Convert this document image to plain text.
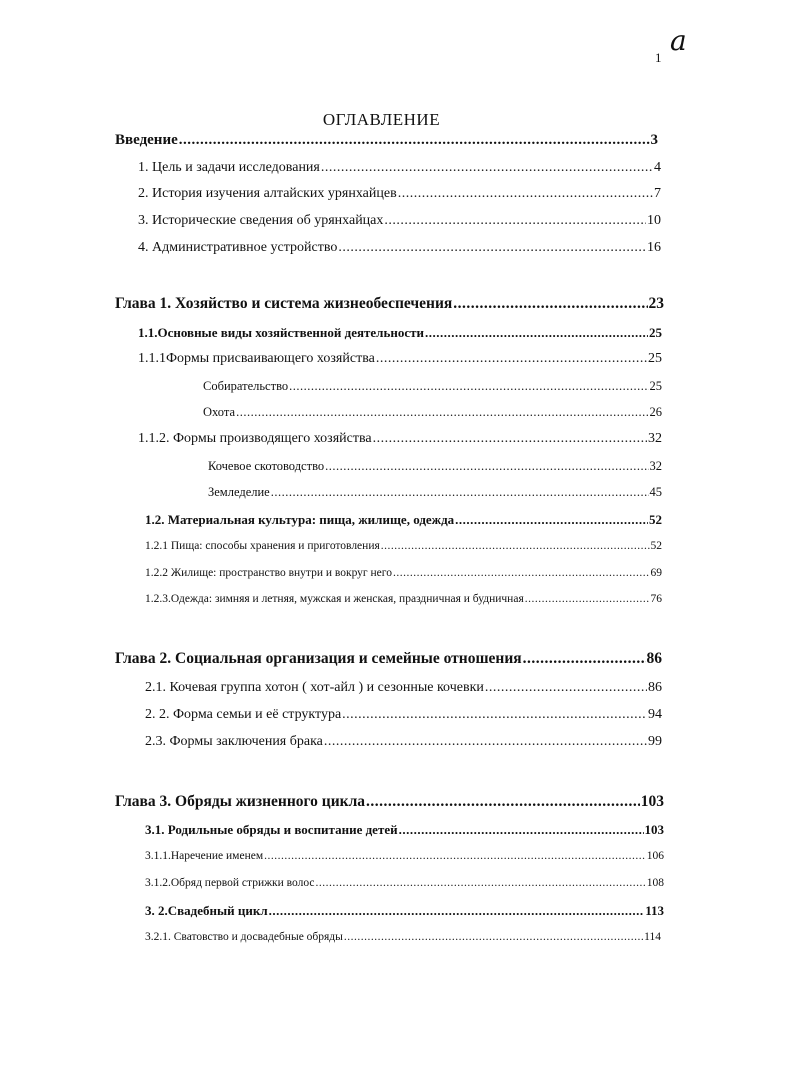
a
1
ОГЛАВЛЕНИЕ
Введение .....	3
1. Цель и задачи исследования .....	4
2. История изучения алтайских урянхайцев .....	7
3. Исторические сведения об урянхайцах .....	10
4. Административное устройство .....	16
Глава 1. Хозяйство и система жизнеобеспечения .....	23
1.1.Основные виды хозяйственной деятельности .....	25
1.1.1Формы присваивающего хозяйства .....	25
Собирательство .....	25
Охота .....	26
1.1.2. Формы производящего хозяйства .....	32
Кочевое скотоводство .....	32
Земледелие .....	45
1.2. Материальная культура: пища, жилище, одежда .....	52
1.2.1 Пища: способы хранения и приготовления .....	52
1.2.2 Жилище: пространство внутри и вокруг него .....	69
1.2.3.Одежда: зимняя и летняя, мужская и женская, праздничная и будничная .....	76
Глава 2. Социальная организация и семейные отношения .....	86
2.1. Кочевая группа хотон ( хот-айл ) и сезонные кочевки .....	86
2. 2. Форма семьи и её структура .....	94
2.3. Формы заключения брака .....	99
Глава 3. Обряды жизненного цикла .....	103
3.1. Родильные обряды и воспитание детей .....	103
3.1.1.Наречение именем .....	106
3.1.2.Обряд первой стрижки волос .....	108
3. 2.Свадебный цикл .....	113
3.2.1. Сватовство и досвадебные обряды .....	114
